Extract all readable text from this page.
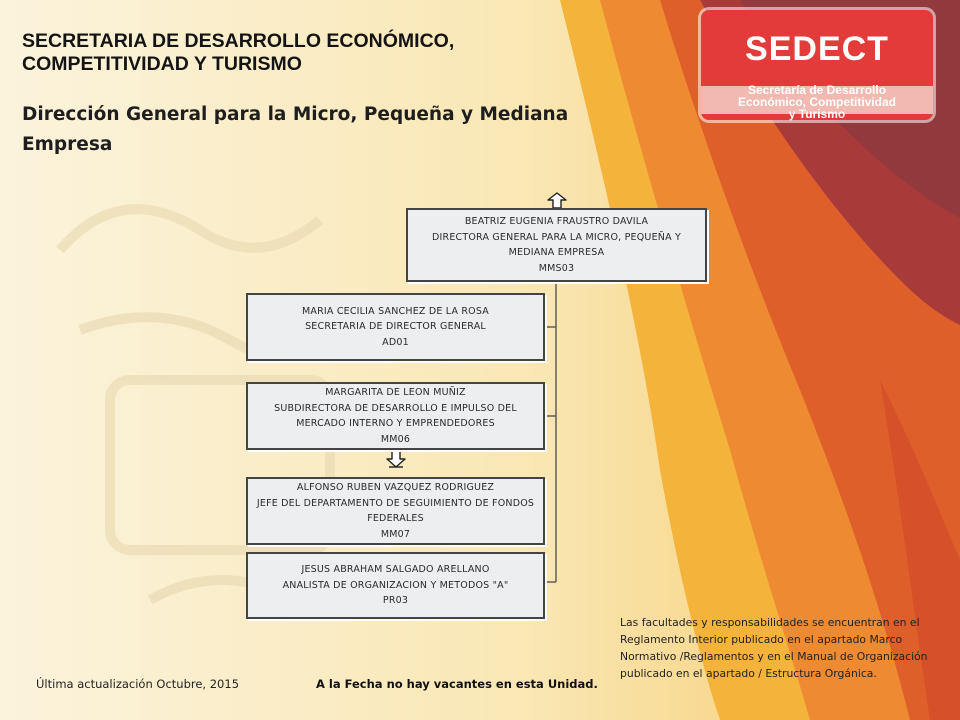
SECRETARIA DE DESARROLLO ECONÓMICO,
COMPETITIVIDAD Y TURISMO
Dirección General para la Micro, Pequeña y Mediana Empresa
SEDECT
Secretaría de Desarrollo
Económico, Competitividad
y Turismo
BEATRIZ EUGENIA FRAUSTRO DAVILA
DIRECTORA GENERAL PARA LA MICRO, PEQUEÑA Y
MEDIANA EMPRESA
MMS03
MARIA CECILIA SANCHEZ DE LA ROSA
SECRETARIA DE DIRECTOR GENERAL
AD01
MARGARITA DE LEON MUÑIZ
SUBDIRECTORA DE DESARROLLO E IMPULSO DEL
MERCADO INTERNO Y EMPRENDEDORES
MM06
ALFONSO RUBEN VAZQUEZ RODRIGUEZ
JEFE DEL DEPARTAMENTO DE SEGUIMIENTO DE FONDOS
FEDERALES
MM07
JESUS ABRAHAM SALGADO ARELLANO
ANALISTA DE ORGANIZACION Y METODOS "A"
PR03

Las facultades y responsabilidades se encuentran en el Reglamento Interior publicado en el apartado Marco Normativo /Reglamentos y en el Manual de Organización publicado en el apartado / Estructura Orgánica.

Última actualización Octubre, 2015	A la Fecha no hay vacantes en esta Unidad.
